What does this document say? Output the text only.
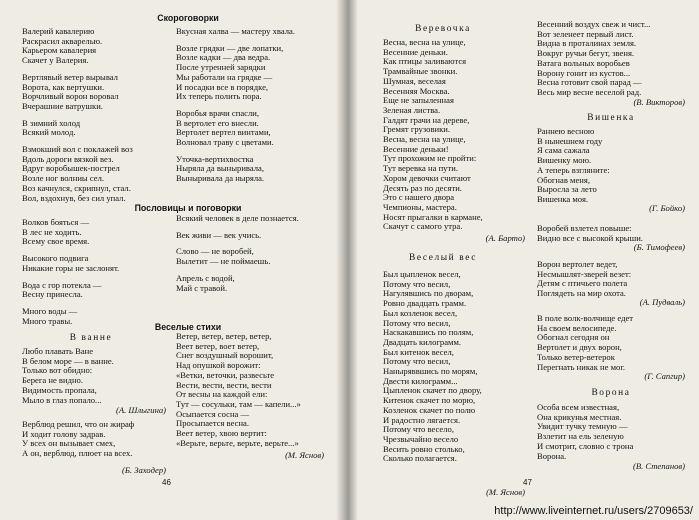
Скороговорки
Валерий кавалерию
Раскрасил акварелью.
Карьером кавалерия
Скачет у Валерия.
Вертлявый ветер вырывал
Ворота, как вертушки.
Ворчливый ворон воровал
Вчерашние ватрушки.
В зимний холод
Всякий молод.
Взмокший вол с поклажей воз
Вдоль дороги вязкой вез.
Вдруг воробышек-пострел
Возле ног волниы сел.
Воз качнулся, скрипнул, стал.
Вол, вздохнув, без сил упал.
Вкусная халва — мастеру хвала.
Возле грядки — две лопатки,
Возле кадки — два ведра.
После утренней зарядки
Мы работали на грядке —
И посадки все в порядке,
Их теперь полить пора.
Воробья врачи спасли,
В вертолет его внесли.
Вертолет вертел винтами,
Волновал траву с цветами.
Уточка-вертихвостка
Ныряла да выныривала,
Выныривала да ныряла.
Пословицы и поговорки
Волков бояться —
В лес не ходить.
Всему свое время.
Высокого подвига
Никакие горы не заслонят.
Вода с гор потекла —
Весну принесла.
Много воды —
Много травы.
Всякий человек в деле познается.
Век живи — век учись.
Слово — не воробей,
Вылетит — не поймаешь.
Апрель с водой,
Май с травой.
Веселые стихи
В ванне
Любо плавать Ване
В белом море — в ванне.
Только вот обидно:
Берега не видно.
Видимость пропала,
Мыло в глаз попало...
(А. Шлыгина)
Верблюд решил, что он жираф
И ходит голову задрав.
У всех он вызывает смех,
А он, верблюд, плюет на всех.
(Б. Заходер)
Ветер, ветер, ветер, ветер,
Веет ветер, воет ветер,
Снег воздушный ворошит,
Над опушкой ворожит:
«Ветки, веточки, развесьте
Вести, вести, вести, вести
От весны на каждой ели:
Тут — сосульки, там — капели...»
Осыпается сосна —
Просыпается весна.
Веет ветер, хвою вертит:
«Верьте, верьте, верьте, верьте...»
(М. Яснов)
46
Веревочка
Весна, весна на улице,
Весенние деньки.
Как птицы заливаются
Трамвайные звонки.
Шумная, веселая
Весенняя Москва.
Еще не запыленная
Зеленая листва.
Галдят грачи на дереве,
Гремят грузовики.
Весна, весна на улице,
Весенние деньки!
Тут прохожим не пройти:
Тут веревка на пути.
Хором девочки считают
Десять раз по десяти.
Это с нашего двора
Чемпионы, мастера.
Носят прыгалки в кармане,
Скачут с самого утра.
(А. Барто)
Веселый вес
Был цыпленок весел,
Потому что весил,
Нагулявшись по дворам,
Ровно двадцать грамм.
Был козленок весел,
Потому что весил,
Наскакавшись по полям,
Двадцать килограмм.
Был китенок весел,
Потому что весил,
Наныряввшись по морям,
Двести килограмм...
Цыпленок скачет по двору,
Китенок скачет по морю,
Козленок скачет по полю
И радостно лягается.
Потому что весело,
Чрезвычайно весело
Весить ровно столько,
Сколько полагается.
(М. Яснов)
47
Весенний воздух свеж и чист...
Вот зеленеет первый лист.
Видна в проталинах земля.
Вокруг ручьи бегут, звеня.
Ватага вольных воробьев
Ворону гонит из кустов...
Весна готовит свой парад —
Весь мир весне веселой рад.
(В. Викторов)
Вишенка
Раннею весною
В нынешнем году
Я сама сажала
Вишенку мою.
А теперь взгляните:
Обогнав меня,
Выросла за лето
Вишенка моя.
(Г. Бойко)
Воробей взлетел повыше:
Видно все с высокой крыши.
(Б. Тимофеев)
Ворон вертолет ведет,
Несмышлят-зверей везет:
Детям с птичьего полета
Поглядеть на мир охота.
(А. Пудваль)
В поле волк-волчище едет
На своем велосипеде.
Обогнал сегодня он
Вертолет и двух ворон,
Только ветер-ветерок
Перегнать никак не мог.
(Г. Сапгир)
Ворона
Особа всем известная,
Она крикунья местная.
Увидит тучку темную —
Взлетит на ель зеленую
И смотрит, словно с трона
Ворона.
(В. Степанов)
http://www.liveinternet.ru/users/2709653/
